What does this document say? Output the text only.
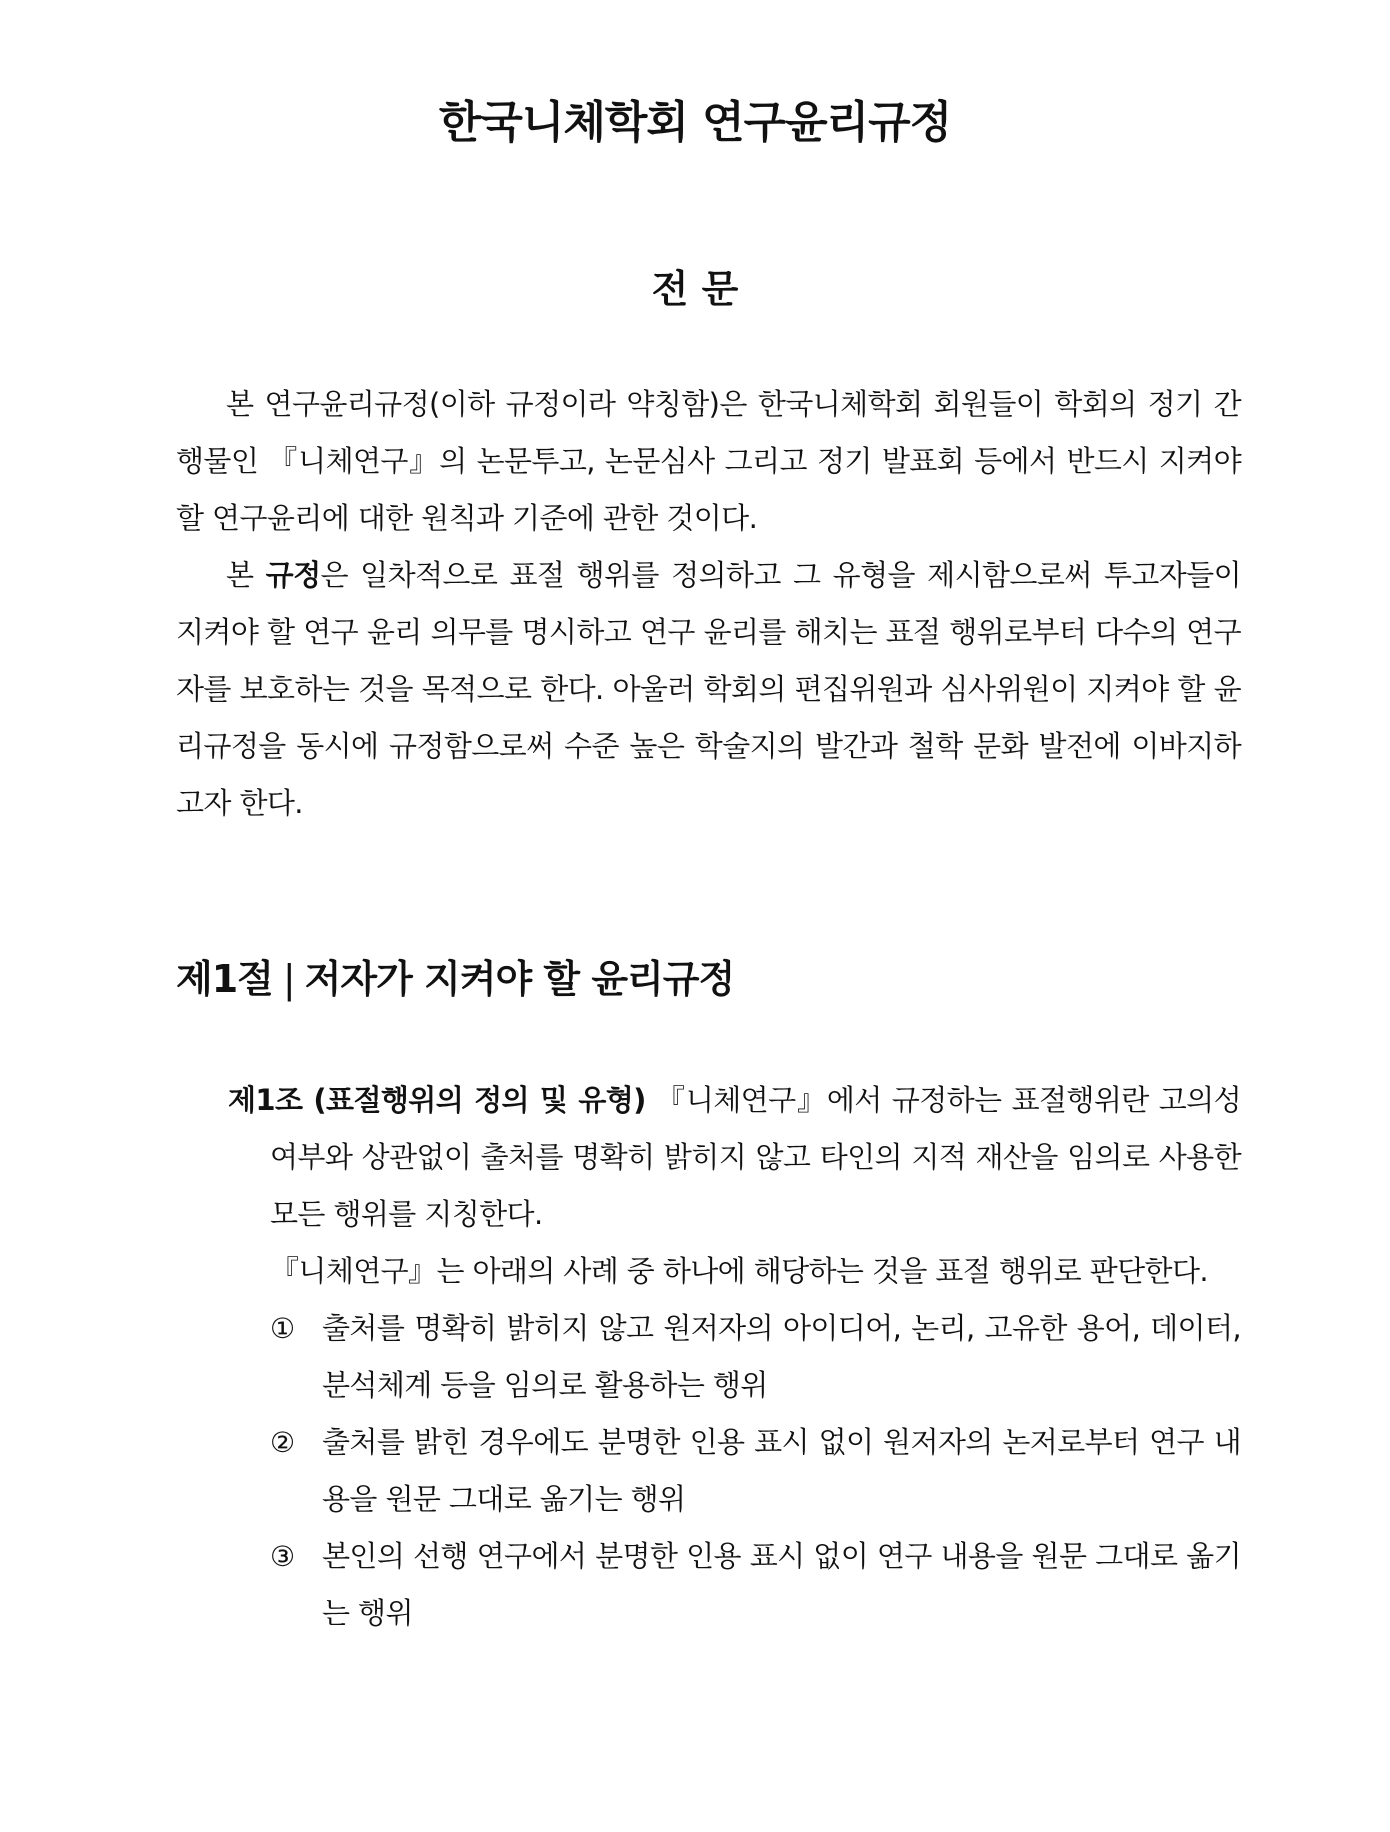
한국니체학회 연구윤리규정
전 문

본 연구윤리규정(이하 규정이라 약칭함)은 한국니체학회 회원들이 학회의 정기 간행물인 『니체연구』의 논문투고, 논문심사 그리고 정기 발표회 등에서 반드시 지켜야 할 연구윤리에 대한 원칙과 기준에 관한 것이다.

본 규정은 일차적으로 표절 행위를 정의하고 그 유형을 제시함으로써 투고자들이 지켜야 할 연구 윤리 의무를 명시하고 연구 윤리를 해치는 표절 행위로부터 다수의 연구자를 보호하는 것을 목적으로 한다. 아울러 학회의 편집위원과 심사위원이 지켜야 할 윤리규정을 동시에 규정함으로써 수준 높은 학술지의 발간과 철학 문화 발전에 이바지하고자 한다.

제1절 | 저자가 지켜야 할 윤리규정

제1조 (표절행위의 정의 및 유형) 『니체연구』에서 규정하는 표절행위란 고의성 여부와 상관없이 출처를 명확히 밝히지 않고 타인의 지적 재산을 임의로 사용한 모든 행위를 지칭한다.

『니체연구』는 아래의 사례 중 하나에 해당하는 것을 표절 행위로 판단한다.

① 출처를 명확히 밝히지 않고 원저자의 아이디어, 논리, 고유한 용어, 데이터, 분석체계 등을 임의로 활용하는 행위
② 출처를 밝힌 경우에도 분명한 인용 표시 없이 원저자의 논저로부터 연구 내용을 원문 그대로 옮기는 행위
③ 본인의 선행 연구에서 분명한 인용 표시 없이 연구 내용을 원문 그대로 옮기는 행위
